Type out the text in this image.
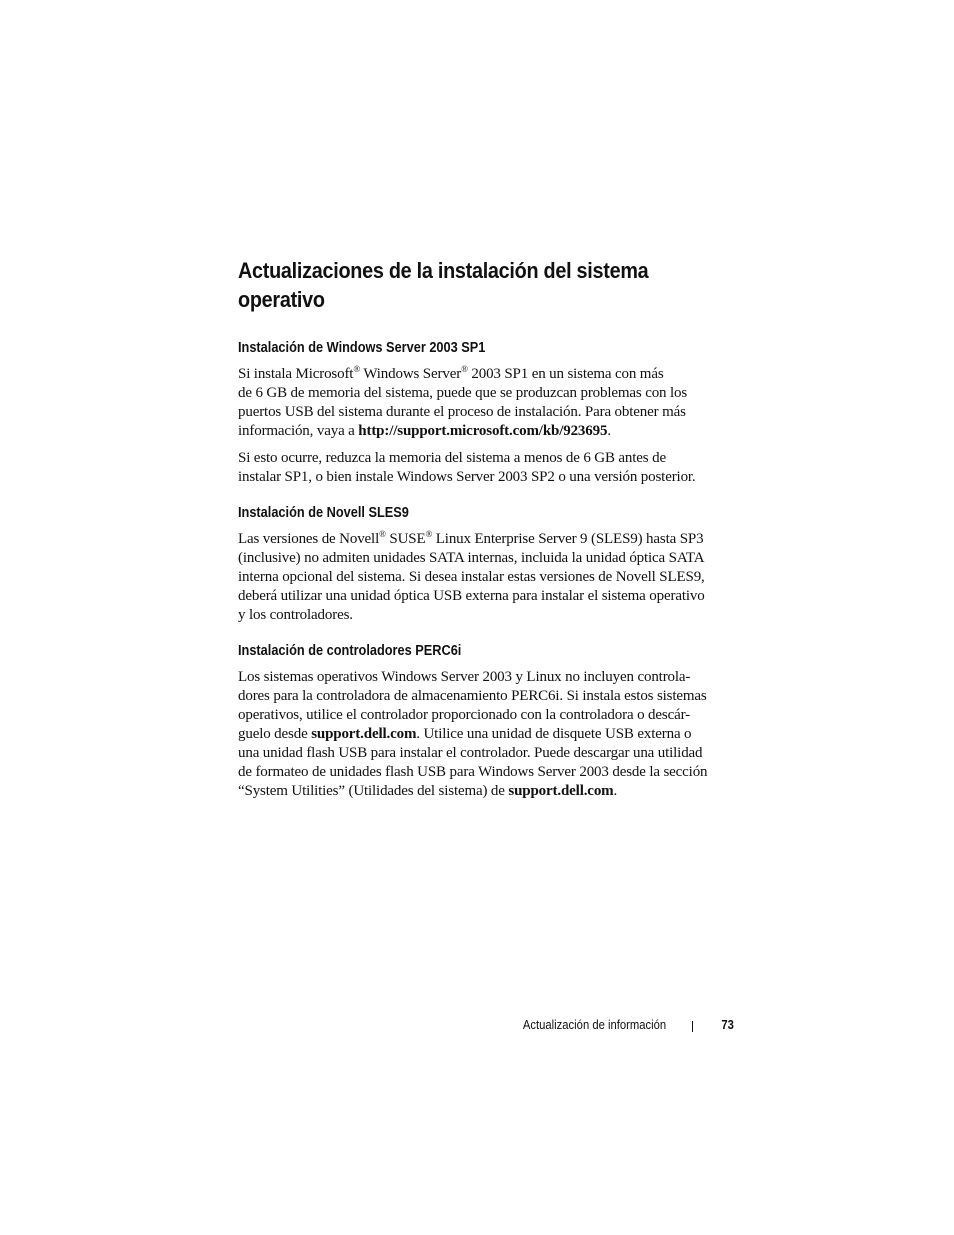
Actualizaciones de la instalación del sistema
operativo
Instalación de Windows Server 2003 SP1
Si instala Microsoft® Windows Server® 2003 SP1 en un sistema con más
de 6 GB de memoria del sistema, puede que se produzcan problemas con los
puertos USB del sistema durante el proceso de instalación. Para obtener más
información, vaya a http://support.microsoft.com/kb/923695.
Si esto ocurre, reduzca la memoria del sistema a menos de 6 GB antes de
instalar SP1, o bien instale Windows Server 2003 SP2 o una versión posterior.
Instalación de Novell SLES9
Las versiones de Novell® SUSE® Linux Enterprise Server 9 (SLES9) hasta SP3
(inclusive) no admiten unidades SATA internas, incluida la unidad óptica SATA
interna opcional del sistema. Si desea instalar estas versiones de Novell SLES9,
deberá utilizar una unidad óptica USB externa para instalar el sistema operativo
y los controladores.
Instalación de controladores PERC6i
Los sistemas operativos Windows Server 2003 y Linux no incluyen controla-
dores para la controladora de almacenamiento PERC6i. Si instala estos sistemas
operativos, utilice el controlador proporcionado con la controladora o descár-
guelo desde support.dell.com. Utilice una unidad de disquete USB externa o
una unidad flash USB para instalar el controlador. Puede descargar una utilidad
de formateo de unidades flash USB para Windows Server 2003 desde la sección
“System Utilities” (Utilidades del sistema) de support.dell.com.
Actualización de información	73
